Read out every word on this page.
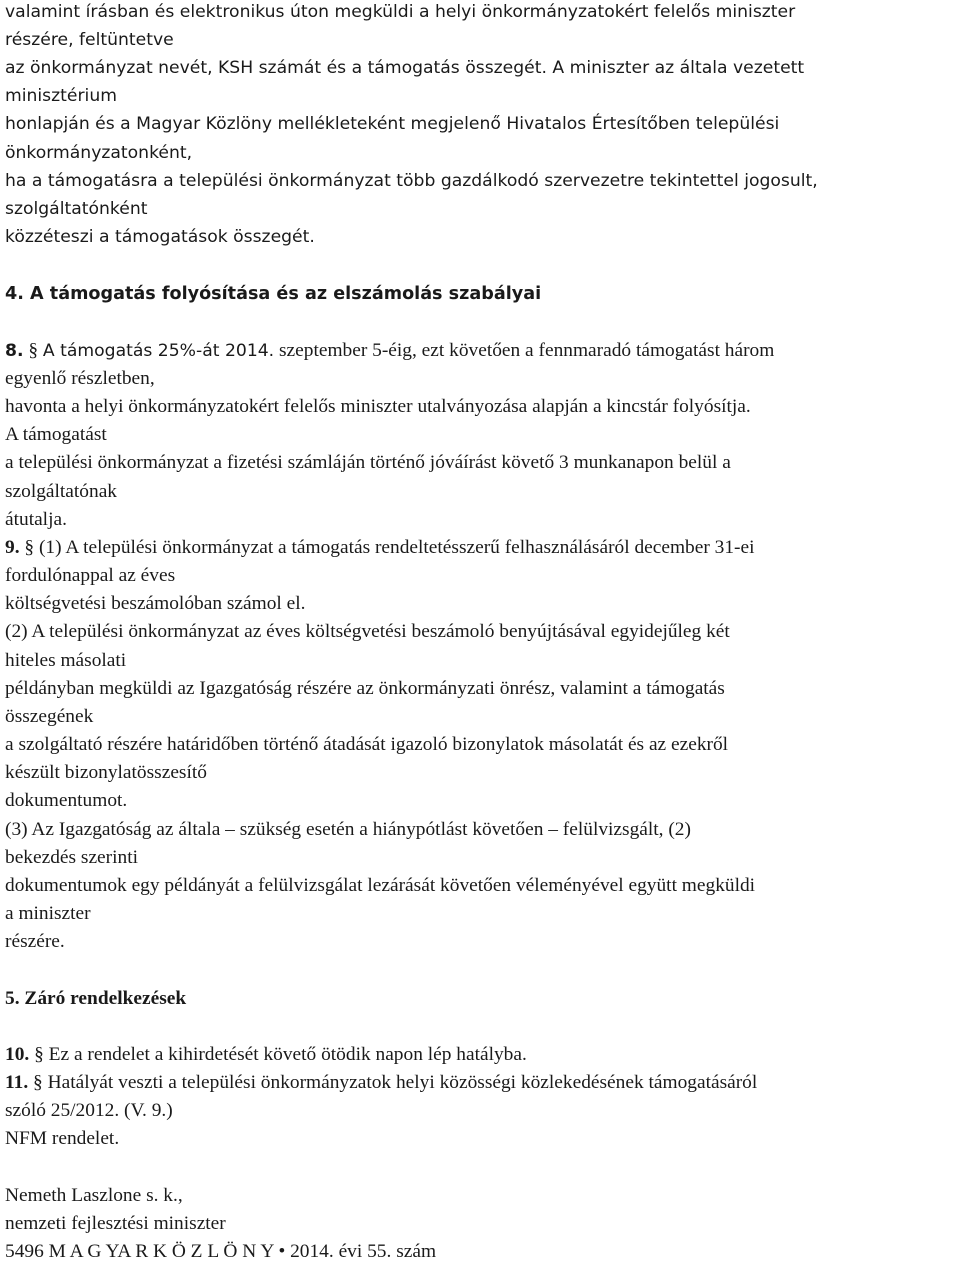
valamint írásban és elektronikus úton megküldi a helyi önkormányzatokért felelős miniszter
részére, feltüntetve
az önkormányzat nevét, KSH számát és a támogatás összegét. A miniszter az általa vezetett
minisztérium
honlapján és a Magyar Közlöny mellékleteként megjelenő Hivatalos Értesítőben települési
önkormányzatonként,
ha a támogatásra a települési önkormányzat több gazdálkodó szervezetre tekintettel jogosult,
szolgáltatónként
közzéteszi a támogatások összegét.
4. A támogatás folyósítása és az elszámolás szabályai
8. § A támogatás 25%-át 2014. szeptember 5-éig, ezt követően a fennmaradó támogatást három
egyenlő részletben,
havonta a helyi önkormányzatokért felelős miniszter utalványozása alapján a kincstár folyósítja.
A támogatást
a települési önkormányzat a fizetési számláján történő jóváírást követő 3 munkanapon belül a
szolgáltatónak
átutalja.
9. § (1) A települési önkormányzat a támogatás rendeltetésszerű felhasználásáról december 31-ei
fordulónappal az éves
költségvetési beszámolóban számol el.
(2) A települési önkormányzat az éves költségvetési beszámoló benyújtásával egyidejűleg két
hiteles másolati
példányban megküldi az Igazgatóság részére az önkormányzati önrész, valamint a támogatás
összegének
a szolgáltató részére határidőben történő átadását igazoló bizonylatok másolatát és az ezekről
készült bizonylatösszesítő
dokumentumot.
(3) Az Igazgatóság az általa – szükség esetén a hiánypótlást követően – felülvizsgált, (2)
bekezdés szerinti
dokumentumok egy példányát a felülvizsgálat lezárását követően véleményével együtt megküldi
a miniszter
részére.
5. Záró rendelkezések
10. § Ez a rendelet a kihirdetését követő ötödik napon lép hatályba.
11. § Hatályát veszti a települési önkormányzatok helyi közösségi közlekedésének támogatásáról
szóló 25/2012. (V. 9.)
NFM rendelet.
Nemeth Laszlone s. k.,
nemzeti fejlesztési miniszter
5496 M A G YA R K Ö Z L Ö N Y • 2014. évi 55. szám
